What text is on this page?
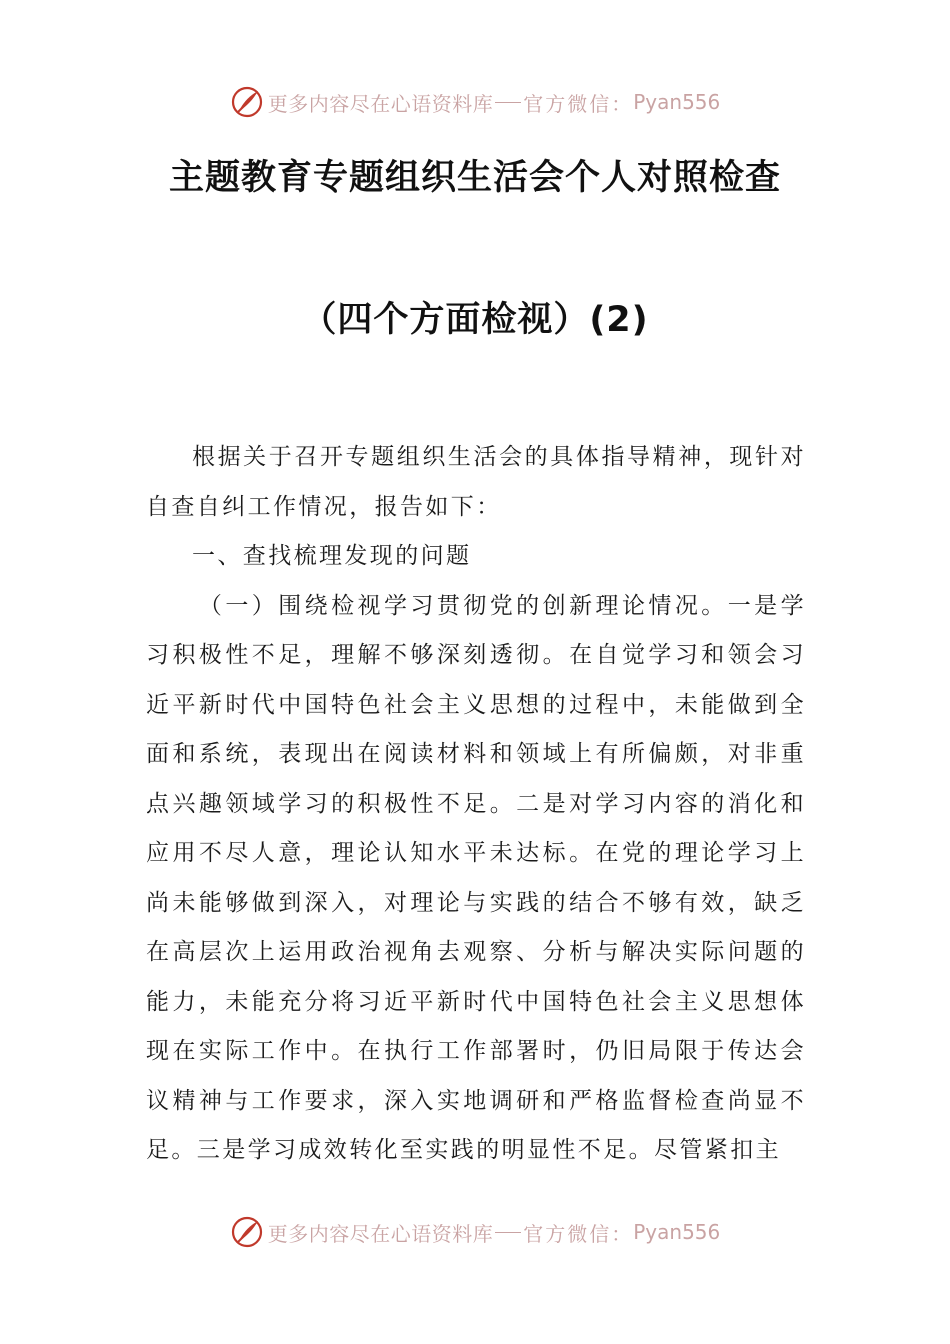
更多内容尽在心语资料库 官方微信： Pyan556
主题教育专题组织生活会个人对照检查
（四个方面检视）(2)

根据关于召开专题组织生活会的具体指导精神，现针对自查自纠工作情况，报告如下：

一、查找梳理发现的问题

（一）围绕检视学习贯彻党的创新理论情况。一是学习积极性不足，理解不够深刻透彻。在自觉学习和领会习近平新时代中国特色社会主义思想的过程中，未能做到全面和系统，表现出在阅读材料和领域上有所偏颇，对非重点兴趣领域学习的积极性不足。二是对学习内容的消化和应用不尽人意，理论认知水平未达标。在党的理论学习上尚未能够做到深入，对理论与实践的结合不够有效，缺乏在高层次上运用政治视角去观察、分析与解决实际问题的能力，未能充分将习近平新时代中国特色社会主义思想体现在实际工作中。在执行工作部署时，仍旧局限于传达会议精神与工作要求，深入实地调研和严格监督检查尚显不足。三是学习成效转化至实践的明显性不足。尽管紧扣主

更多内容尽在心语资料库 官方微信： Pyan556
